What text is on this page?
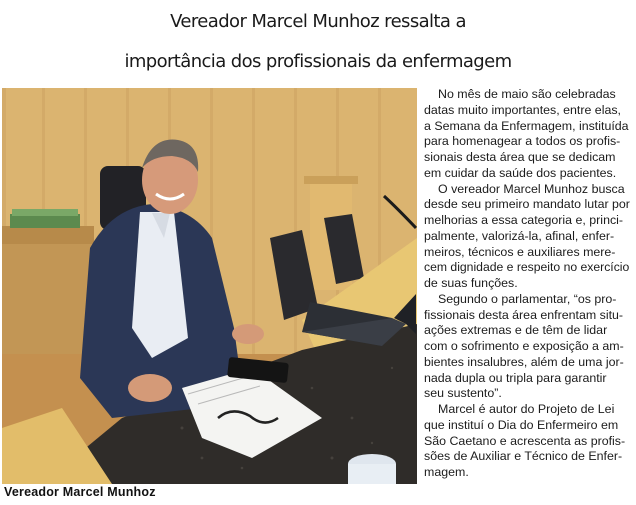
Vereador Marcel Munhoz ressalta a
importância dos profissionais da enfermagem
Vereador Marcel Munhoz
No mês de maio são celebradas
datas muito importantes, entre elas,
a Semana da Enfermagem, instituída
para homenagear a todos os profis-
sionais desta área que se dedicam
em cuidar da saúde dos pacientes.
O vereador Marcel Munhoz busca
desde seu primeiro mandato lutar por
melhorias a essa categoria e, princi-
palmente, valorizá-la, afinal, enfer-
meiros, técnicos e auxiliares mere-
cem dignidade e respeito no exercício
de suas funções.
Segundo o parlamentar, “os pro-
fissionais desta área enfrentam situ-
ações extremas e de têm de lidar
com o sofrimento e exposição a am-
bientes insalubres, além de uma jor-
nada dupla ou tripla para garantir
seu sustento”.
Marcel é autor do Projeto de Lei
que instituí o Dia do Enfermeiro em
São Caetano e acrescenta as profis-
sões de Auxiliar e Técnico de Enfer-
magem.
